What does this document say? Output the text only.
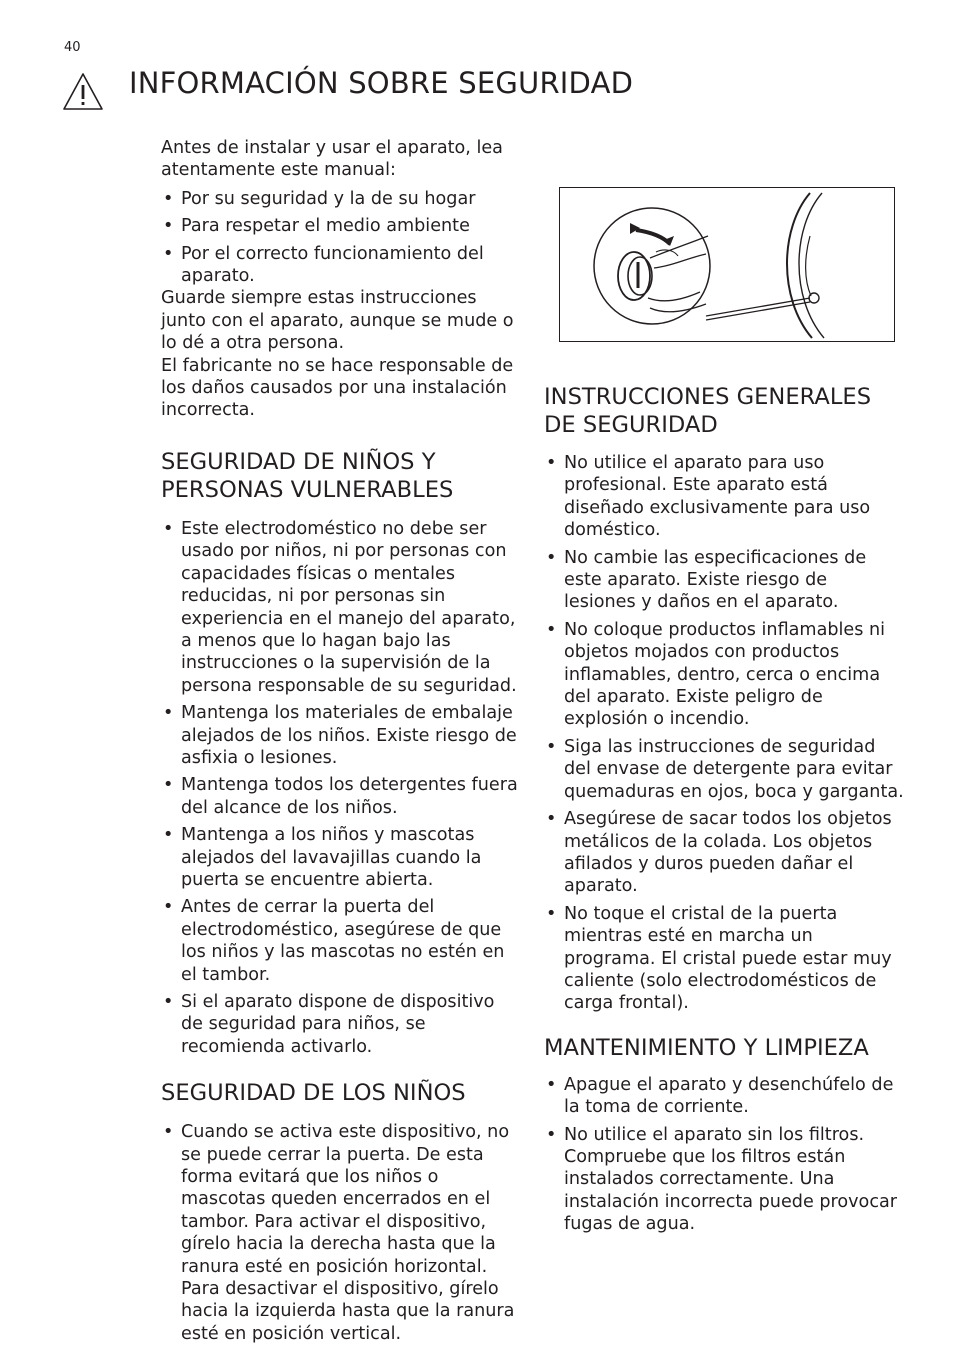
40
INFORMACIÓN SOBRE SEGURIDAD

Antes de instalar y usar el aparato, lea atentamente este manual:

• Por su seguridad y la de su hogar
• Para respetar el medio ambiente
• Por el correcto funcionamiento del aparato.

Guarde siempre estas instrucciones junto con el aparato, aunque se mude o lo dé a otra persona.

El fabricante no se hace responsable de los daños causados por una instalación incorrecta.

SEGURIDAD DE NIÑOS Y PERSONAS VULNERABLES
• Este electrodoméstico no debe ser usado por niños, ni por personas con capacidades físicas o mentales reducidas, ni por personas sin experiencia en el manejo del aparato, a menos que lo hagan bajo las instrucciones o la supervisión de la persona responsable de su seguridad.
• Mantenga los materiales de embalaje alejados de los niños. Existe riesgo de asfixia o lesiones.
• Mantenga todos los detergentes fuera del alcance de los niños.
• Mantenga a los niños y mascotas alejados del lavavajillas cuando la puerta se encuentre abierta.
• Antes de cerrar la puerta del electrodoméstico, asegúrese de que los niños y las mascotas no estén en el tambor.
• Si el aparato dispone de dispositivo de seguridad para niños, se recomienda activarlo.
SEGURIDAD DE LOS NIÑOS
• Cuando se activa este dispositivo, no se puede cerrar la puerta. De esta forma evitará que los niños o mascotas queden encerrados en el tambor. Para activar el dispositivo, gírelo hacia la derecha hasta que la ranura esté en posición horizontal. Para desactivar el dispositivo, gírelo hacia la izquierda hasta que la ranura esté en posición vertical.
INSTRUCCIONES GENERALES DE SEGURIDAD
• No utilice el aparato para uso profesional. Este aparato está diseñado exclusivamente para uso doméstico.
• No cambie las especificaciones de este aparato. Existe riesgo de lesiones y daños en el aparato.
• No coloque productos inflamables ni objetos mojados con productos inflamables, dentro, cerca o encima del aparato. Existe peligro de explosión o incendio.
• Siga las instrucciones de seguridad del envase de detergente para evitar quemaduras en ojos, boca y garganta.
• Asegúrese de sacar todos los objetos metálicos de la colada. Los objetos afilados y duros pueden dañar el aparato.
• No toque el cristal de la puerta mientras esté en marcha un programa. El cristal puede estar muy caliente (solo electrodomésticos de carga frontal).
MANTENIMIENTO Y LIMPIEZA
• Apague el aparato y desenchúfelo de la toma de corriente.
• No utilice el aparato sin los filtros. Compruebe que los filtros están instalados correctamente. Una instalación incorrecta puede provocar fugas de agua.
